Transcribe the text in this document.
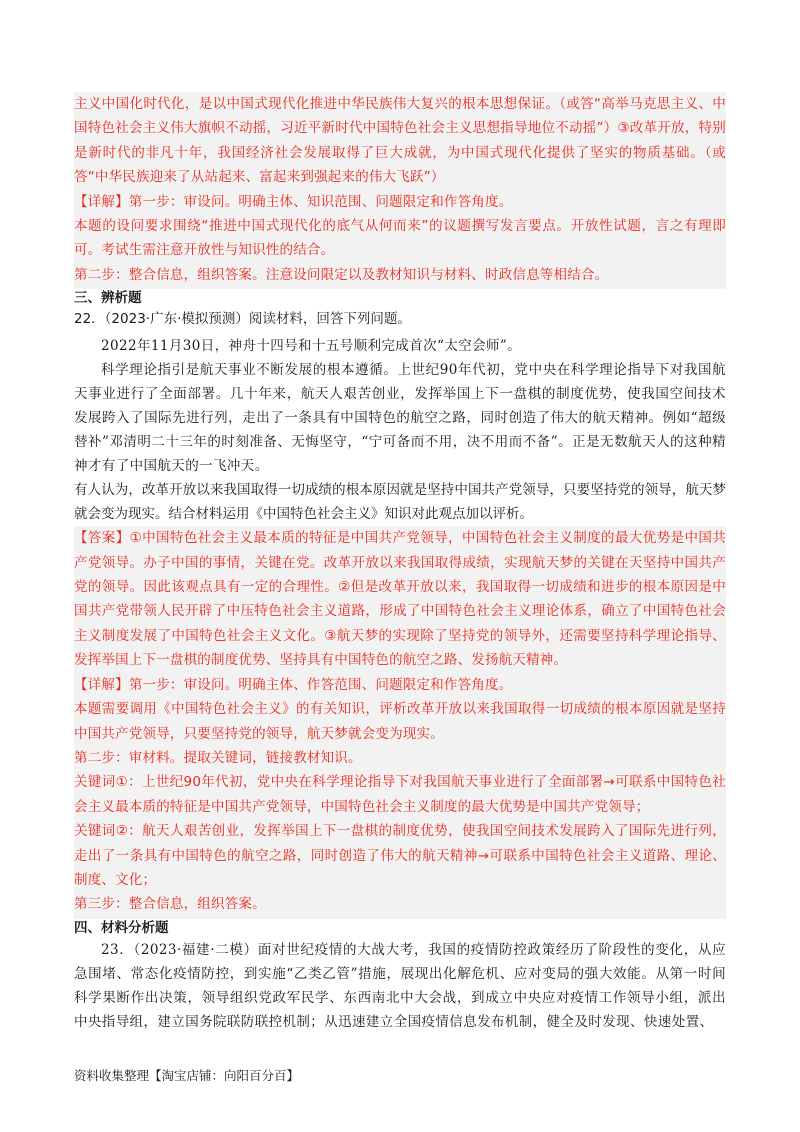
主义中国化时代化，是以中国式现代化推进中华民族伟大复兴的根本思想保证。（或答“高举马克思主义、中国特色社会主义伟大旗帜不动摇，习近平新时代中国特色社会主义思想指导地位不动摇”）③改革开放，特别是新时代的非凡十年，我国经济社会发展取得了巨大成就，为中国式现代化提供了坚实的物质基础。（或答“中华民族迎来了从站起来、富起来到强起来的伟大飞跃”）

【详解】第一步：审设问。明确主体、知识范围、问题限定和作答角度。

本题的设问要求围绕“推进中国式现代化的底气从何而来”的议题撰写发言要点。开放性试题，言之有理即可。考试生需注意开放性与知识性的结合。

第二步：整合信息，组织答案。注意设问限定以及教材知识与材料、时政信息等相结合。

三、辨析题

22．（2023·广东·模拟预测）阅读材料，回答下列问题。

2022年11月30日，神舟十四号和十五号顺利完成首次“太空会师”。

科学理论指引是航天事业不断发展的根本遵循。上世纪90年代初，党中央在科学理论指导下对我国航天事业进行了全面部署。几十年来，航天人艰苦创业，发挥举国上下一盘棋的制度优势，使我国空间技术发展跨入了国际先进行列，走出了一条具有中国特色的航空之路，同时创造了伟大的航天精神。例如“超级替补”邓清明二十三年的时刻准备、无悔坚守，“宁可备而不用，决不用而不备”。正是无数航天人的这种精神才有了中国航天的一飞冲天。

有人认为，改革开放以来我国取得一切成绩的根本原因就是坚持中国共产党领导，只要坚持党的领导，航天梦就会变为现实。结合材料运用《中国特色社会主义》知识对此观点加以评析。

【答案】①中国特色社会主义最本质的特征是中国共产党领导，中国特色社会主义制度的最大优势是中国共产党领导。办子中国的事情，关键在党。改革开放以来我国取得成绩，实现航天梦的关键在天坚持中国共产党的领导。因此该观点具有一定的合理性。②但是改革开放以来，我国取得一切成绩和进步的根本原因是中国共产党带领人民开辟了中压特色社会主义道路，形成了中国特色社会主义理论体系，确立了中国特色社会主义制度发展了中国特色社会主义文化。③航天梦的实现除了坚持党的领导外，还需要坚持科学理论指导、发挥举国上下一盘棋的制度优势、坚持具有中国特色的航空之路、发扬航天精神。

【详解】第一步：审设问。明确主体、作答范围、问题限定和作答角度。

本题需要调用《中国特色社会主义》的有关知识，评析改革开放以来我国取得一切成绩的根本原因就是坚持中国共产党领导，只要坚持党的领导，航天梦就会变为现实。

第二步：审材料。提取关键词，链接教材知识。

关键词①：上世纪90年代初，党中央在科学理论指导下对我国航天事业进行了全面部署→可联系中国特色社会主义最本质的特征是中国共产党领导，中国特色社会主义制度的最大优势是中国共产党领导；

关键词②：航天人艰苦创业，发挥举国上下一盘棋的制度优势，使我国空间技术发展跨入了国际先进行列，走出了一条具有中国特色的航空之路，同时创造了伟大的航天精神→可联系中国特色社会主义道路、理论、制度、文化；

第三步：整合信息，组织答案。

四、材料分析题

23．（2023·福建·二模）面对世纪疫情的大战大考，我国的疫情防控政策经历了阶段性的变化，从应急围堵、常态化疫情防控，到实施“乙类乙管”措施，展现出化解危机、应对变局的强大效能。从第一时间科学果断作出决策，领导组织党政军民学、东西南北中大会战，到成立中央应对疫情工作领导小组，派出中央指导组，建立国务院联防联控机制；从迅速建立全国疫情信息发布机制，健全及时发现、快速处置、

资料收集整理【淘宝店铺：向阳百分百】
